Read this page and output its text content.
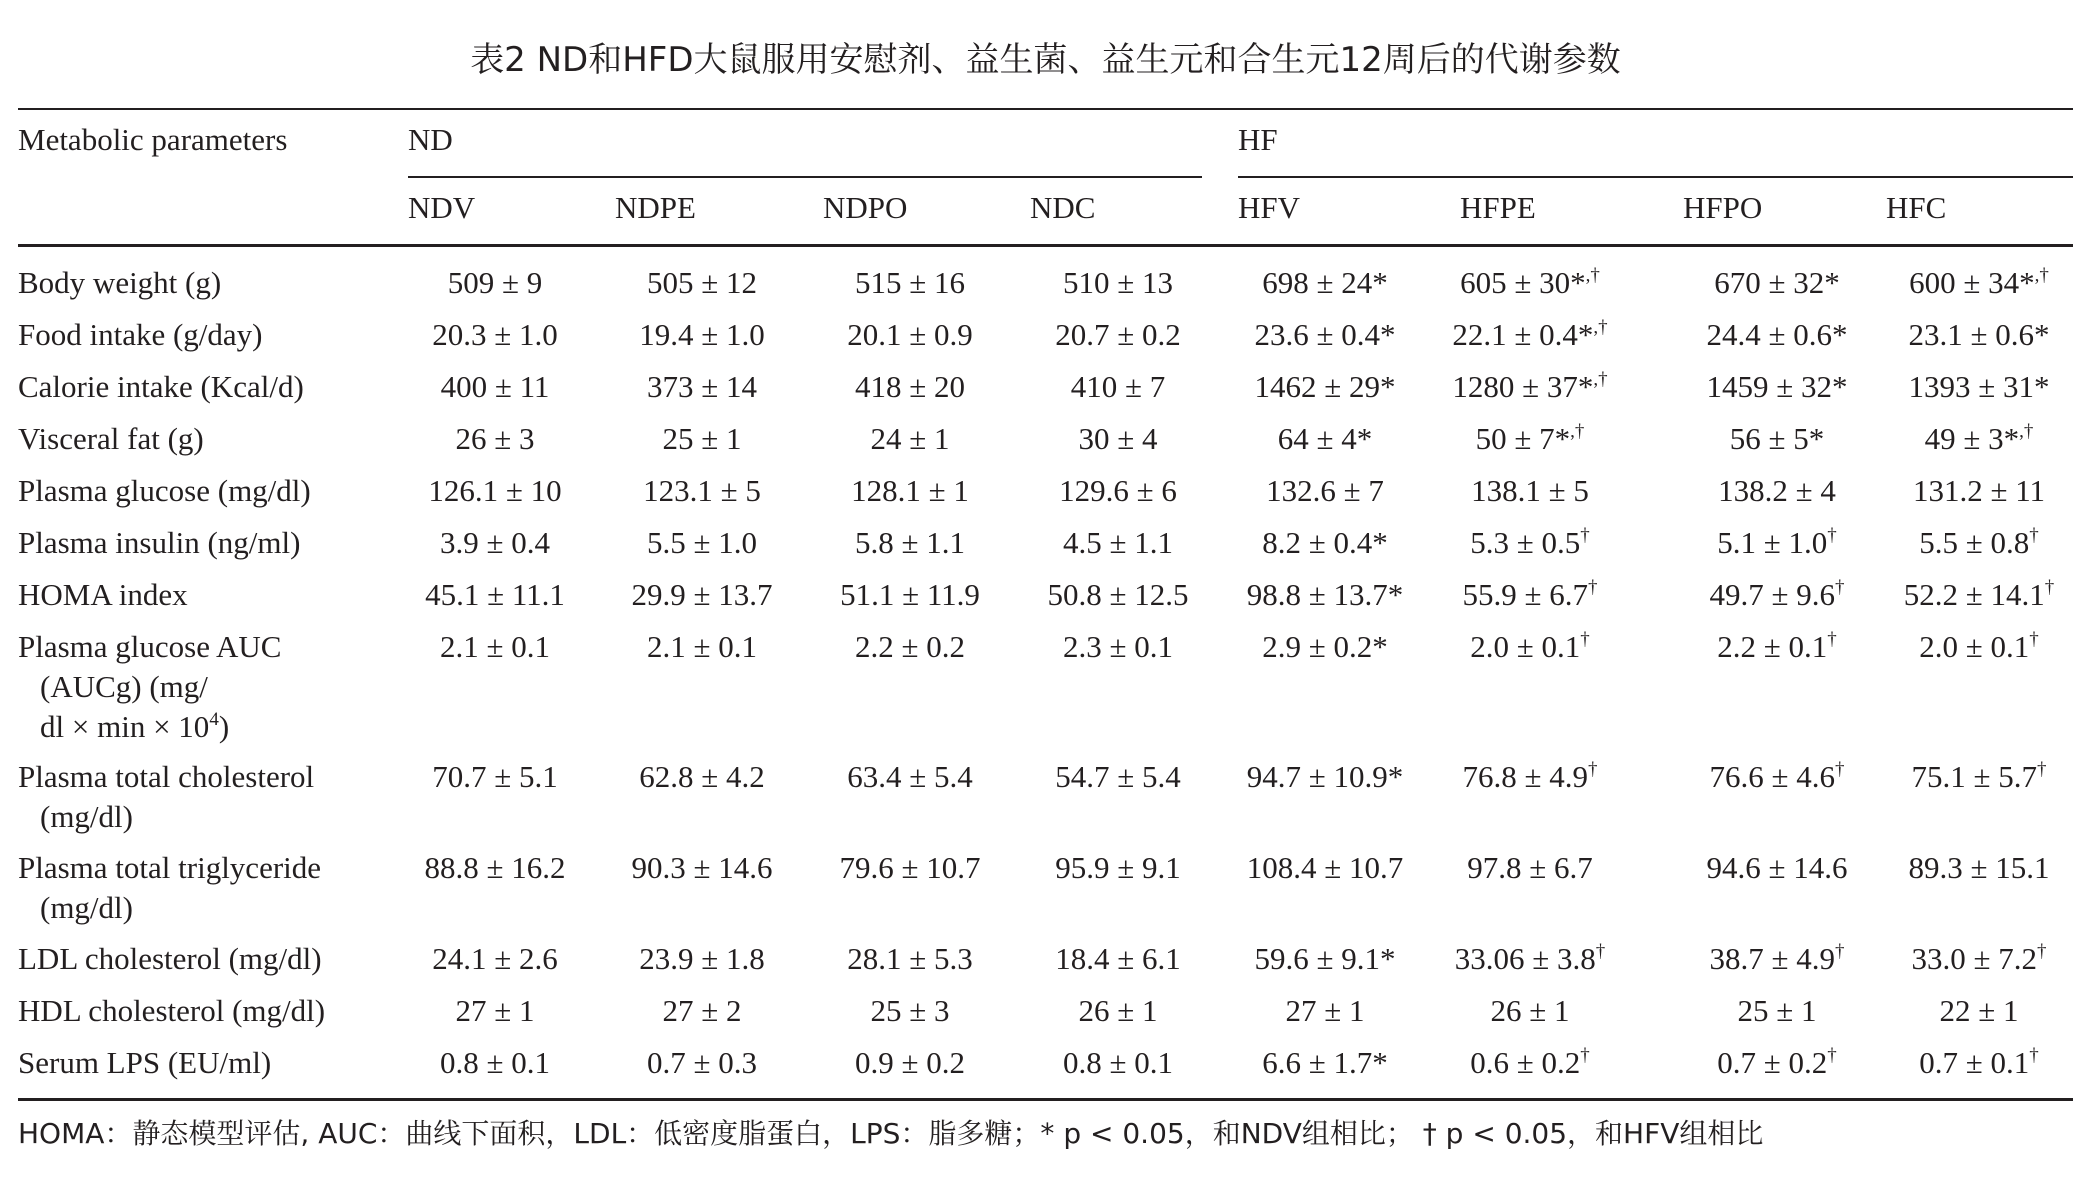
表2 ND和HFD大鼠服用安慰剂、益生菌、益生元和合生元12周后的代谢参数
Metabolic parameters	ND	HF
NDV	NDPE	NDPO	NDC	HFV	HFPE	HFPO	HFC
Body weight (g)	509 ± 9	505 ± 12	515 ± 16	510 ± 13	698 ± 24* 605 ± 30*,†	670 ± 32* 600 ± 34*,†
Food intake (g/day)	20.3 ± 1.0	19.4 ± 1.0	20.1 ± 0.9	20.7 ± 0.2 23.6 ± 0.4* 22.1 ± 0.4*,†	24.4 ± 0.6* 23.1 ± 0.6*
Calorie intake (Kcal/d)	400 ± 11	373 ± 14	418 ± 20	410 ± 7	1462 ± 29* 1280 ± 37*,†	1459 ± 32* 1393 ± 31*
Visceral fat (g)	26 ± 3	25 ± 1	24 ± 1	30 ± 4	64 ± 4*	50 ± 7*,†	56 ± 5*	49 ± 3*,†
Plasma glucose (mg/dl)	126.1 ± 10	123.1 ± 5	128.1 ± 1	129.6 ± 6	132.6 ± 7	138.1 ± 5	138.2 ± 4 131.2 ± 11
Plasma insulin (ng/ml)	3.9 ± 0.4	5.5 ± 1.0	5.8 ± 1.1	4.5 ± 1.1	8.2 ± 0.4*	5.3 ± 0.5†	5.1 ± 1.0†	5.5 ± 0.8†
HOMA index	45.1 ± 11.1 29.9 ± 13.7 51.1 ± 11.9 50.8 ± 12.5 98.8 ± 13.7* 55.9 ± 6.7†	49.7 ± 9.6† 52.2 ± 14.1†
Plasma glucose AUC
(AUCg) (mg/
dl × $\min \times 10^4$)
2.1 ± 0.1	2.1 ± 0.1	2.2 ± 0.2	2.3 ± 0.1	2.9 ± 0.2*	2.0 ± 0.1†	2.2 ± 0.1†	2.0 ± 0.1†
Plasma total cholesterol
(mg/dl)
70.7 ± 5.1	62.8 ± 4.2	63.4 ± 5.4	54.7 ± 5.4 94.7 ± 10.9* 76.8 ± 4.9†	76.6 ± 4.6† 75.1 ± 5.7†
Plasma total triglyceride
(mg/dl)
88.8 ± 16.2 90.3 ± 14.6 79.6 ± 10.7 95.9 ± 9.1 108.4 ± 10.7 97.8 ± 6.7	94.6 ± 14.6 89.3 ± 15.1
LDL cholesterol (mg/dl)	24.1 ± 2.6	23.9 ± 1.8	28.1 ± 5.3	18.4 ± 6.1 59.6 ± 9.1* 33.06 ± 3.8†	38.7 ± 4.9† 33.0 ± 7.2†
HDL cholesterol (mg/dl)	27 ± 1	27 ± 2	25 ± 3	26 ± 1	27 ± 1	26 ± 1	25 ± 1	22 ± 1
Serum LPS (EU/ml)	0.8 ± 0.1	0.7 ± 0.3	0.9 ± 0.2	0.8 ± 0.1	6.6 ± 1.7*	0.6 ± 0.2†	0.7 ± 0.2†	0.7 ± 0.1†
HOMA：静态模型评估, AUC：曲线下面积，LDL：低密度脂蛋白，LPS：脂多糖；* p < 0.05，和NDV组相比； † p < 0.05，和HFV组相比
